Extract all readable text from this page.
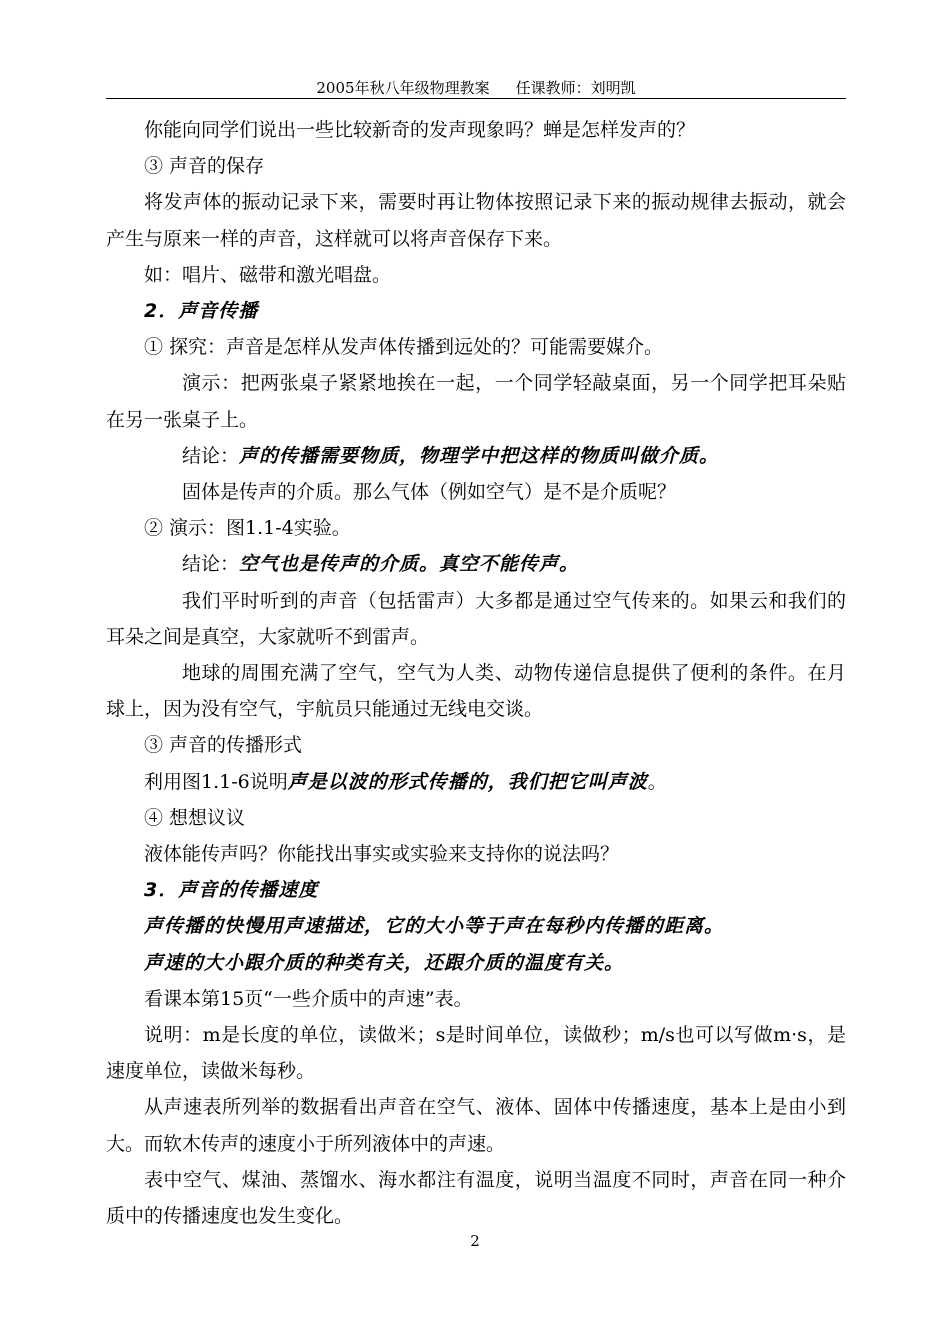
2005年秋八年级物理教案 任课教师：刘明凯

你能向同学们说出一些比较新奇的发声现象吗？蝉是怎样发声的？

③ 声音的保存

将发声体的振动记录下来，需要时再让物体按照记录下来的振动规律去振动，就会产生与原来一样的声音，这样就可以将声音保存下来。

如：唱片、磁带和激光唱盘。

2．声音传播

① 探究：声音是怎样从发声体传播到远处的？可能需要媒介。

演示：把两张桌子紧紧地挨在一起，一个同学轻敲桌面，另一个同学把耳朵贴在另一张桌子上。

结论：声的传播需要物质，物理学中把这样的物质叫做介质。

固体是传声的介质。那么气体（例如空气）是不是介质呢？

② 演示：图1.1-4实验。

结论：空气也是传声的介质。真空不能传声。

我们平时听到的声音（包括雷声）大多都是通过空气传来的。如果云和我们的耳朵之间是真空，大家就听不到雷声。

地球的周围充满了空气，空气为人类、动物传递信息提供了便利的条件。在月球上，因为没有空气，宇航员只能通过无线电交谈。

③ 声音的传播形式

利用图1.1-6说明声是以波的形式传播的，我们把它叫声波。

④ 想想议议

液体能传声吗？你能找出事实或实验来支持你的说法吗？

3．声音的传播速度

声传播的快慢用声速描述，它的大小等于声在每秒内传播的距离。

声速的大小跟介质的种类有关，还跟介质的温度有关。

看课本第15页“一些介质中的声速”表。

说明：m是长度的单位，读做米；s是时间单位，读做秒；m/s也可以写做m·s，是速度单位，读做米每秒。

从声速表所列举的数据看出声音在空气、液体、固体中传播速度，基本上是由小到大。而软木传声的速度小于所列液体中的声速。

表中空气、煤油、蒸馏水、海水都注有温度，说明当温度不同时，声音在同一种介质中的传播速度也发生变化。

2
